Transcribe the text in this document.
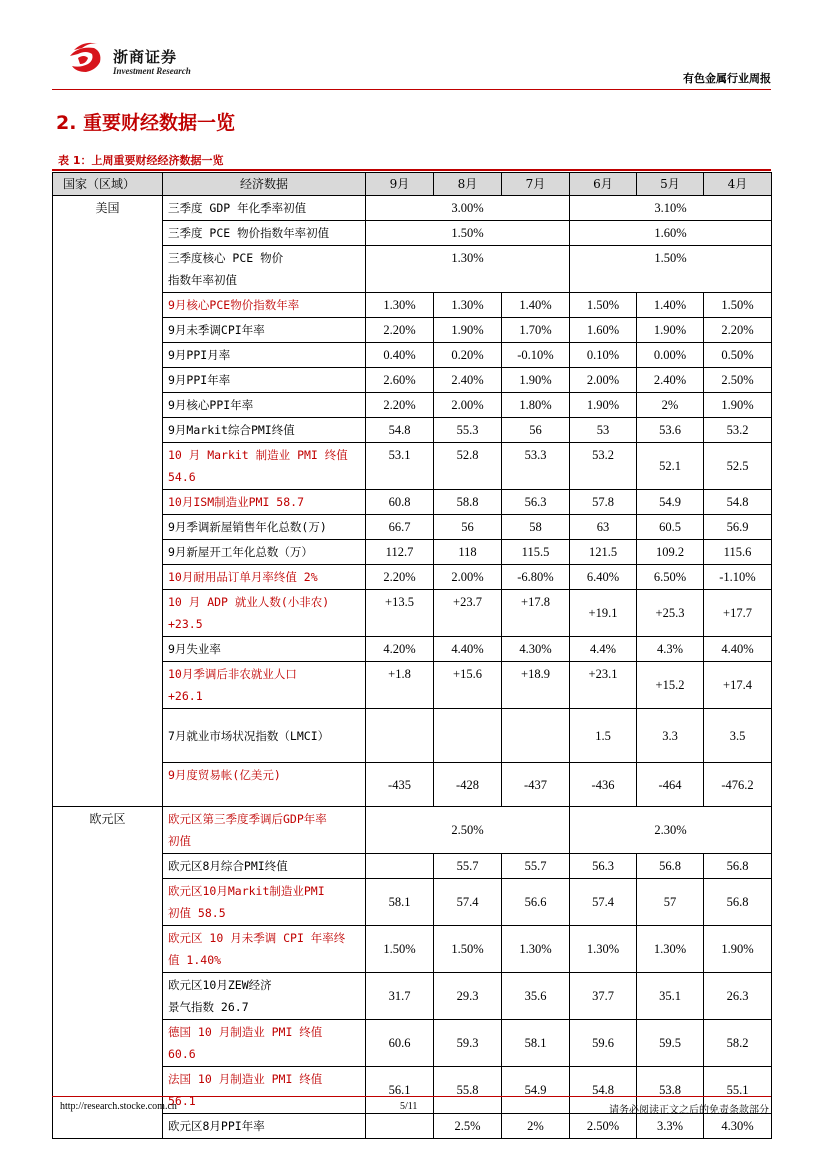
浙商证券
Investment Research
有色金属行业周报
2. 重要财经数据一览
表 1：上周重要财经经济数据一览
国家（区域）	经济数据	9月	8月	7月	6月	5月	4月
美国	三季度 GDP 年化季率初值	3.00%			3.10%		
	三季度 PCE 物价指数年率初值	1.50%			1.60%		

	三季度核心 PCE 物价
指数年率初值	1.30%			1.50%		
	9月核心PCE物价指数年率	1.30%	1.30%	1.40%	1.50%	1.40%	1.50%
	9月未季调CPI年率	2.20%	1.90%	1.70%	1.60%	1.90%	2.20%
	9月PPI月率	0.40%	0.20%	-0.10%	0.10%	0.00%	0.50%
	9月PPI年率	2.60%	2.40%	1.90%	2.00%	2.40%	2.50%
	9月核心PPI年率	2.20%	2.00%	1.80%	1.90%	2%	1.90%
	9月Markit综合PMI终值	54.8	55.3	56	53	53.6	53.2

	10 月 Markit 制造业 PMI 终值
54.6	53.1	52.8	53.3	53.2	52.1	52.5
	10月ISM制造业PMI 58.7	60.8	58.8	56.3	57.8	54.9	54.8
	9月季调新屋销售年化总数(万)	66.7	56	58	63	60.5	56.9
	9月新屋开工年化总数（万）	112.7	118	115.5	121.5	109.2	115.6
	10月耐用品订单月率终值 2%	2.20%	2.00%	-6.80%	6.40%	6.50%	-1.10%

	10 月 ADP 就业人数(小非农)
+23.5	+13.5	+23.7	+17.8	+19.1	+25.3	+17.7
	9月失业率	4.20%	4.40%	4.30%	4.4%	4.3%	4.40%

	10月季调后非农就业人口
+26.1	+1.8	+15.6	+18.9	+23.1	+15.2	+17.4
	7月就业市场状况指数（LMCI）				1.5	3.3	3.5
	9月度贸易帐(亿美元)	-435	-428	-437	-436	-464	-476.2
欧元区	欧元区第三季度季调后GDP年率
初值	2.50%			2.30%		
	欧元区8月综合PMI终值		55.7	55.7	56.3	56.8	56.8

	欧元区10月Markit制造业PMI
初值 58.5	58.1	57.4	56.6	57.4	57	56.8

	欧元区 10 月未季调 CPI 年率终
值 1.40%	1.50%	1.50%	1.30%	1.30%	1.30%	1.90%

	欧元区10月ZEW经济
景气指数 26.7	31.7	29.3	35.6	37.7	35.1	26.3

	德国 10 月制造业 PMI 终值
60.6	60.6	59.3	58.1	59.6	59.5	58.2

	法国 10 月制造业 PMI 终值
56.1	56.1	55.8	54.9	54.8	53.8	55.1
	欧元区8月PPI年率		2.5%	2%	2.50%	3.3%	4.30%
http://research.stocke.com.cn	5/11	请务必阅读正文之后的免责条款部分
